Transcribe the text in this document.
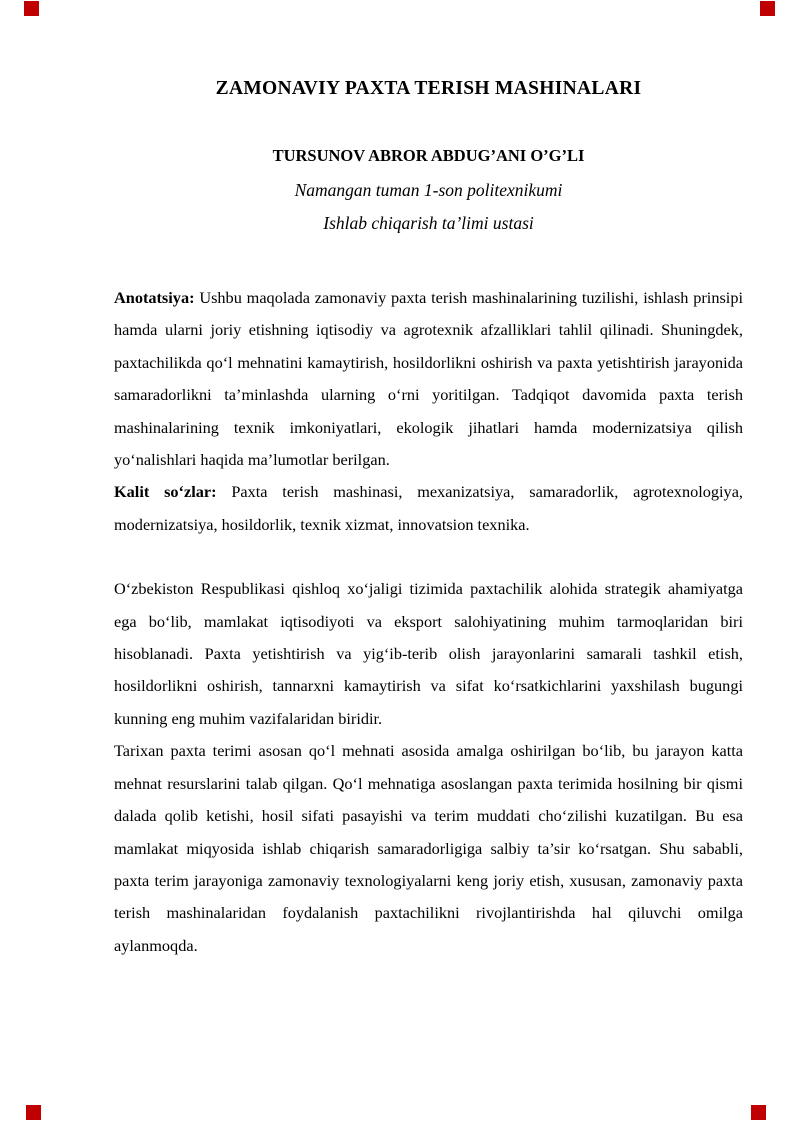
ZAMONAVIY PAXTA TERISH MASHINALARI
TURSUNOV ABROR ABDUG’ANI O’G’LI
Namangan tuman 1-son politexnikumi
Ishlab chiqarish ta’limi ustasi

Anotatsiya: Ushbu maqolada zamonaviy paxta terish mashinalarining tuzilishi, ishlash prinsipi hamda ularni joriy etishning iqtisodiy va agrotexnik afzalliklari tahlil qilinadi. Shuningdek, paxtachilikda qoʻl mehnatini kamaytirish, hosildorlikni oshirish va paxta yetishtirish jarayonida samaradorlikni ta’minlashda ularning oʻrni yoritilgan. Tadqiqot davomida paxta terish mashinalarining texnik imkoniyatlari, ekologik jihatlari hamda modernizatsiya qilish yoʻnalishlari haqida ma’lumotlar berilgan.

Kalit soʻzlar: Paxta terish mashinasi, mexanizatsiya, samaradorlik, agrotexnologiya, modernizatsiya, hosildorlik, texnik xizmat, innovatsion texnika.

Oʻzbekiston Respublikasi qishloq xoʻjaligi tizimida paxtachilik alohida strategik ahamiyatga ega boʻlib, mamlakat iqtisodiyoti va eksport salohiyatining muhim tarmoqlaridan biri hisoblanadi. Paxta yetishtirish va yigʻib-terib olish jarayonlarini samarali tashkil etish, hosildorlikni oshirish, tannarxni kamaytirish va sifat koʻrsatkichlarini yaxshilash bugungi kunning eng muhim vazifalaridan biridir.

Tarixan paxta terimi asosan qoʻl mehnati asosida amalga oshirilgan boʻlib, bu jarayon katta mehnat resurslarini talab qilgan. Qoʻl mehnatiga asoslangan paxta terimida hosilning bir qismi dalada qolib ketishi, hosil sifati pasayishi va terim muddati choʻzilishi kuzatilgan. Bu esa mamlakat miqyosida ishlab chiqarish samaradorligiga salbiy ta’sir koʻrsatgan. Shu sababli, paxta terim jarayoniga zamonaviy texnologiyalarni keng joriy etish, xususan, zamonaviy paxta terish mashinalaridan foydalanish paxtachilikni rivojlantirishda hal qiluvchi omilga aylanmoqda.
